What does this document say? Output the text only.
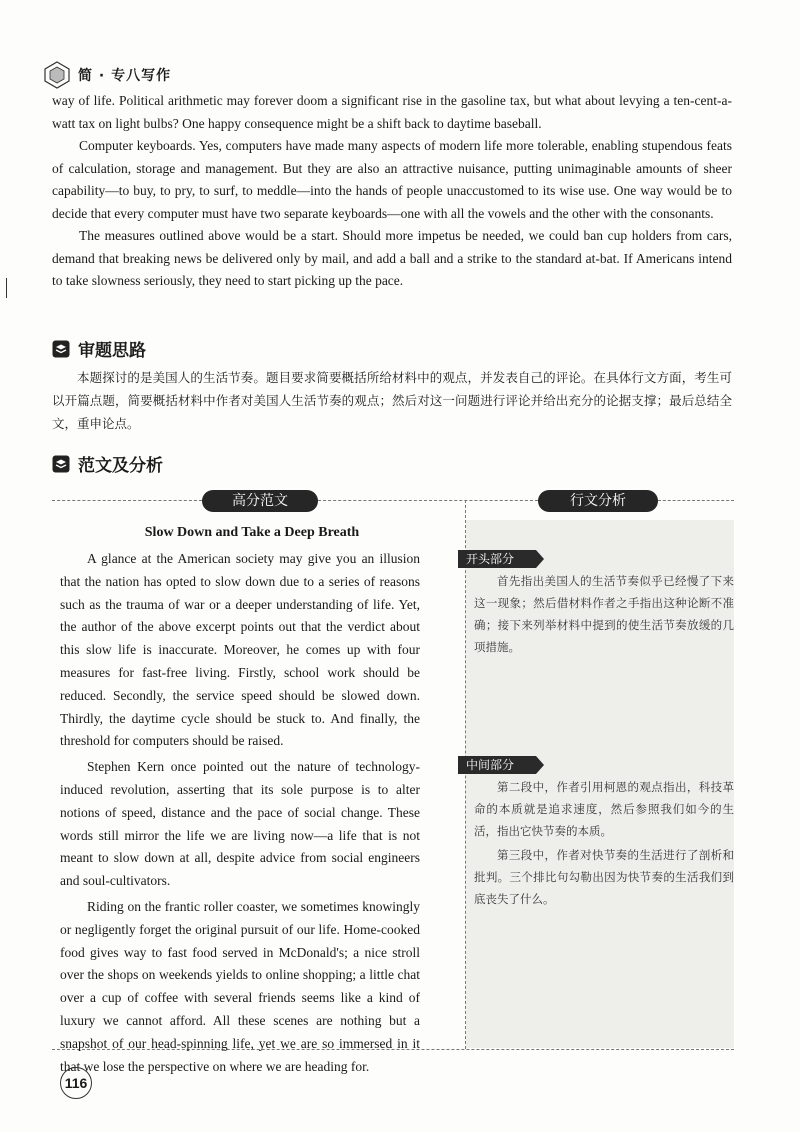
简 · 专八写作

way of life. Political arithmetic may forever doom a significant rise in the gasoline tax, but what about levying a ten-cent-a-watt tax on light bulbs? One happy consequence might be a shift back to daytime baseball.

Computer keyboards. Yes, computers have made many aspects of modern life more tolerable, enabling stupendous feats of calculation, storage and management. But they are also an attractive nuisance, putting unimaginable amounts of sheer capability—to buy, to pry, to surf, to meddle—into the hands of people unaccustomed to its wise use. One way would be to decide that every computer must have two separate keyboards—one with all the vowels and the other with the consonants.

The measures outlined above would be a start. Should more impetus be needed, we could ban cup holders from cars, demand that breaking news be delivered only by mail, and add a ball and a strike to the standard at-bat. If Americans intend to take slowness seriously, they need to start picking up the pace.

审题思路

本题探讨的是美国人的生活节奏。题目要求简要概括所给材料中的观点，并发表自己的评论。在具体行文方面，考生可以开篇点题，简要概括材料中作者对美国人生活节奏的观点；然后对这一问题进行评论并给出充分的论据支撑；最后总结全文，重申论点。

范文及分析
高分范文	行文分析
Slow Down and Take a Deep Breath

A glance at the American society may give you an illusion that the nation has opted to slow down due to a series of reasons such as the trauma of war or a deeper understanding of life. Yet, the author of the above excerpt points out that the verdict about this slow life is inaccurate. Moreover, he comes up with four measures for fast-free living. Firstly, school work should be reduced. Secondly, the service speed should be slowed down. Thirdly, the daytime cycle should be stuck to. And finally, the threshold for computers should be raised.

Stephen Kern once pointed out the nature of technology-induced revolution, asserting that its sole purpose is to alter notions of speed, distance and the pace of social change. These words still mirror the life we are living now—a life that is not meant to slow down at all, despite advice from social engineers and soul-cultivators.

Riding on the frantic roller coaster, we sometimes knowingly or negligently forget the original pursuit of our life. Home-cooked food gives way to fast food served in McDonald's; a nice stroll over the shops on weekends yields to online shopping; a little chat over a cup of coffee with several friends seems like a kind of luxury we cannot afford. All these scenes are nothing but a snapshot of our head-spinning life, yet we are so immersed in it that we lose the perspective on where we are heading for.

开头部分

首先指出美国人的生活节奏似乎已经慢了下来这一现象；然后借材料作者之手指出这种论断不准确；接下来列举材料中提到的使生活节奏放缓的几项措施。

中间部分

第二段中，作者引用柯恩的观点指出，科技革命的本质就是追求速度，然后参照我们如今的生活，指出它快节奏的本质。

第三段中，作者对快节奏的生活进行了剖析和批判。三个排比句勾勒出因为快节奏的生活我们到底丧失了什么。

116
